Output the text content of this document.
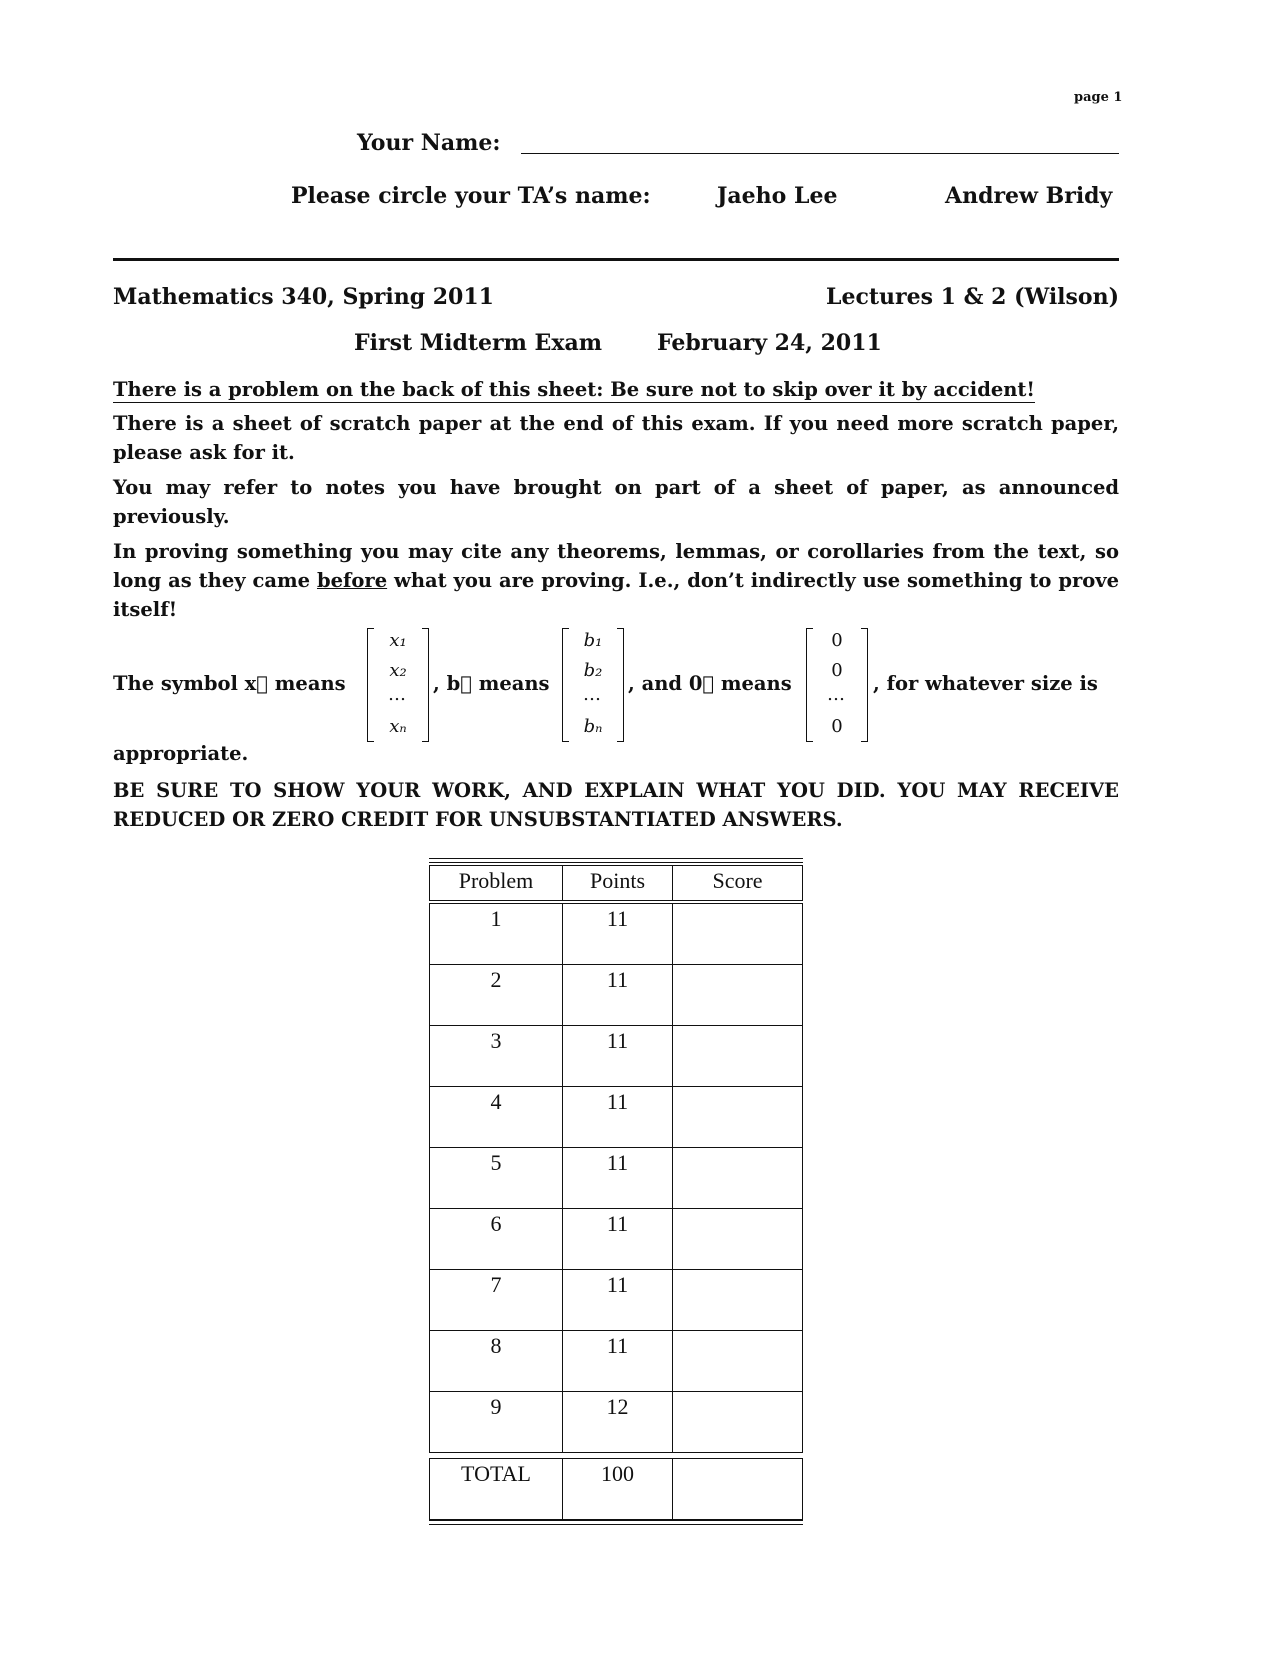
page 1
Your Name:
Please circle your TA’s name:	Jaeho Lee	Andrew Bridy
Mathematics 340, Spring 2011	Lectures 1 & 2 (Wilson)
First Midterm Exam	February 24, 2011
There is a problem on the back of this sheet: Be sure not to skip over it by accident!
There is a sheet of scratch paper at the end of this exam. If you need more scratch paper, please ask for it.
You may refer to notes you have brought on part of a sheet of paper, as announced previously.
In proving something you may cite any theorems, lemmas, or corollaries from the text, so long as they came before what you are proving. I.e., don’t indirectly use something to prove itself!
The symbol x⃗ means
x₁
x₂
…
xₙ
, b⃗ means
b₁
b₂
…
bₙ
, and 0⃗ means
0
0
…
0
, for whatever size is
appropriate.
BE SURE TO SHOW YOUR WORK, AND EXPLAIN WHAT YOU DID. YOU MAY RECEIVE REDUCED OR ZERO CREDIT FOR UNSUBSTANTIATED ANSWERS.
Problem	Points	Score
1	11
2	11
3	11
4	11
5	11
6	11
7	11
8	11
9	12
TOTAL	100
